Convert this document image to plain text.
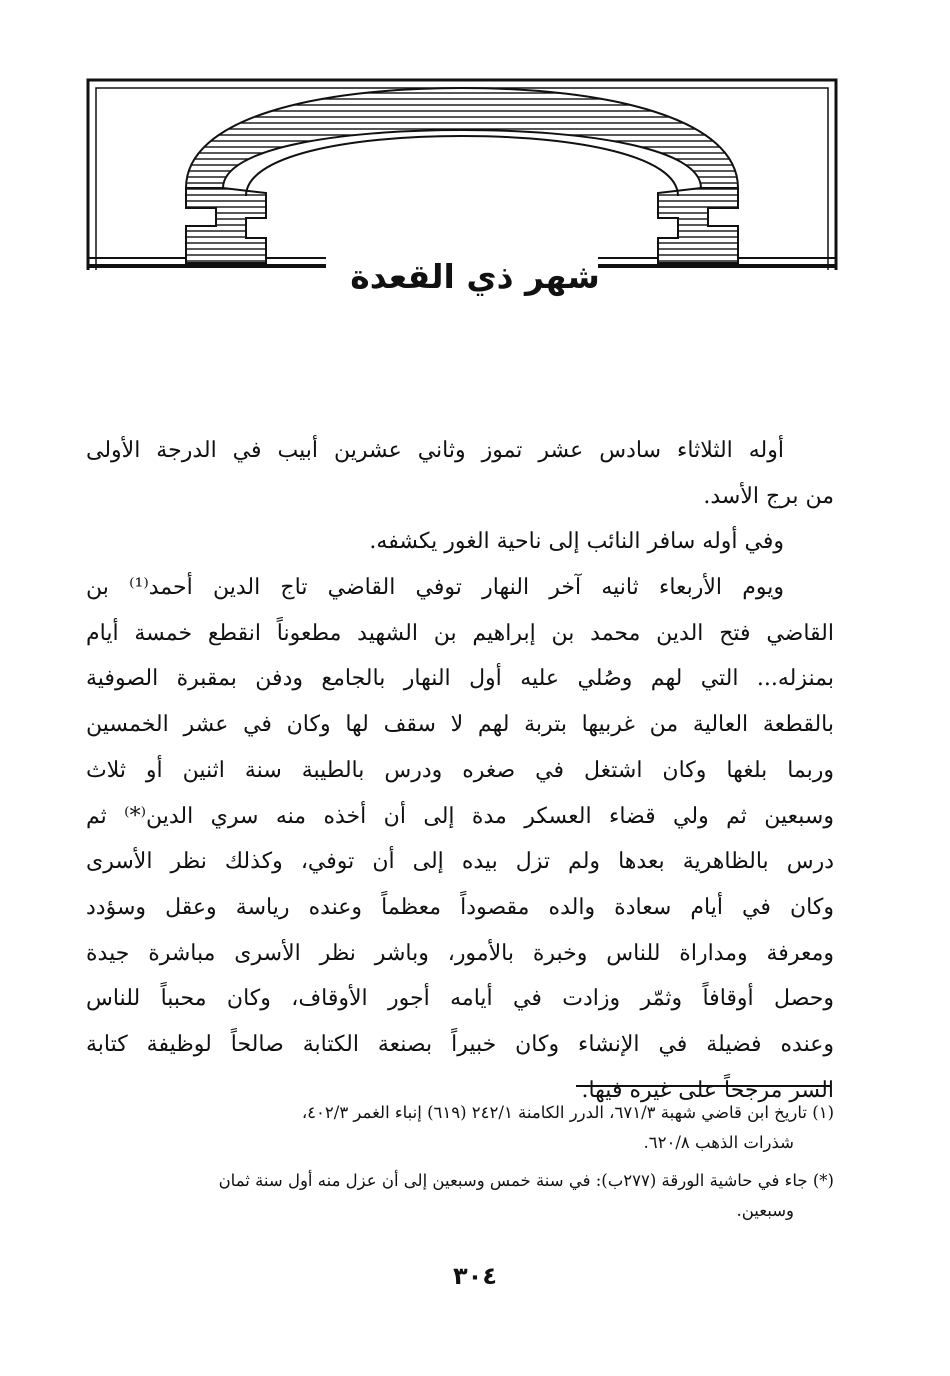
شهر ذي القعدة
أوله الثلاثاء سادس عشر تموز وثاني عشرين أبيب في الدرجة الأولى
من برج الأسد.
وفي أوله سافر النائب إلى ناحية الغور يكشفه.
ويوم الأربعاء ثانيه آخر النهار توفي القاضي تاج الدين أحمد⁽¹⁾ بن
القاضي فتح الدين محمد بن إبراهيم بن الشهيد مطعوناً انقطع خمسة أيام
بمنزله... التي لهم وصُلي عليه أول النهار بالجامع ودفن بمقبرة الصوفية
بالقطعة العالية من غربيها بتربة لهم لا سقف لها وكان في عشر الخمسين
وربما بلغها وكان اشتغل في صغره ودرس بالطيبة سنة اثنين أو ثلاث
وسبعين ثم ولي قضاء العسكر مدة إلى أن أخذه منه سري الدين⁽*⁾ ثم
درس بالظاهرية بعدها ولم تزل بيده إلى أن توفي، وكذلك نظر الأسرى
وكان في أيام سعادة والده مقصوداً معظماً وعنده رياسة وعقل وسؤدد
ومعرفة ومداراة للناس وخبرة بالأمور، وباشر نظر الأسرى مباشرة جيدة
وحصل أوقافاً وثمّر وزادت في أيامه أجور الأوقاف، وكان محبباً للناس
وعنده فضيلة في الإنشاء وكان خبيراً بصنعة الكتابة صالحاً لوظيفة كتابة
السر مرجحاً على غيره فيها.
(١) تاريخ ابن قاضي شهبة ٦٧١/٣، الدرر الكامنة ٢٤٢/١ (٦١٩) إنباء الغمر ٤٠٢/٣،
شذرات الذهب ٦٢٠/٨.
(*) جاء في حاشية الورقة (٢٧٧ب): في سنة خمس وسبعين إلى أن عزل منه أول سنة ثمان
وسبعين.
٣٠٤
